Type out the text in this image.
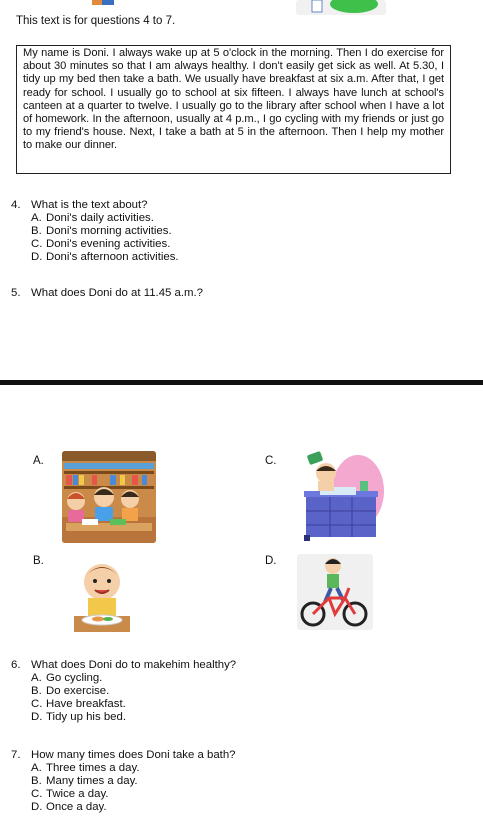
This text is for questions 4 to 7.
My name is Doni. I always wake up at 5 o'clock in the morning. Then I do exercise for about 30 minutes so that I am always healthy. I don't easily get sick as well. At 5.30, I tidy up my bed then take a bath. We usually have breakfast at six a.m. After that, I get ready for school. I usually go to school at six fifteen. I always have lunch at school's canteen at a quarter to twelve. I usually go to the library after school when I have a lot of homework. In the afternoon, usually at 4 p.m., I go cycling with my friends or just go to my friend's house. Next, I take a bath at 5 in the afternoon. Then I help my mother to make our dinner.
4. What is the text about?
A. Doni's daily activities.
B. Doni's morning activities.
C. Doni's evening activities.
D. Doni's afternoon activities.
5. What does Doni do at 11.45 a.m.?
A.	C.
B.	D.
6. What does Doni do to makehim healthy?
A. Go cycling.
B. Do exercise.
C. Have breakfast.
D. Tidy up his bed.
7. How many times does Doni take a bath?
A. Three times a day.
B. Many times a day.
C. Twice a day.
D. Once a day.
